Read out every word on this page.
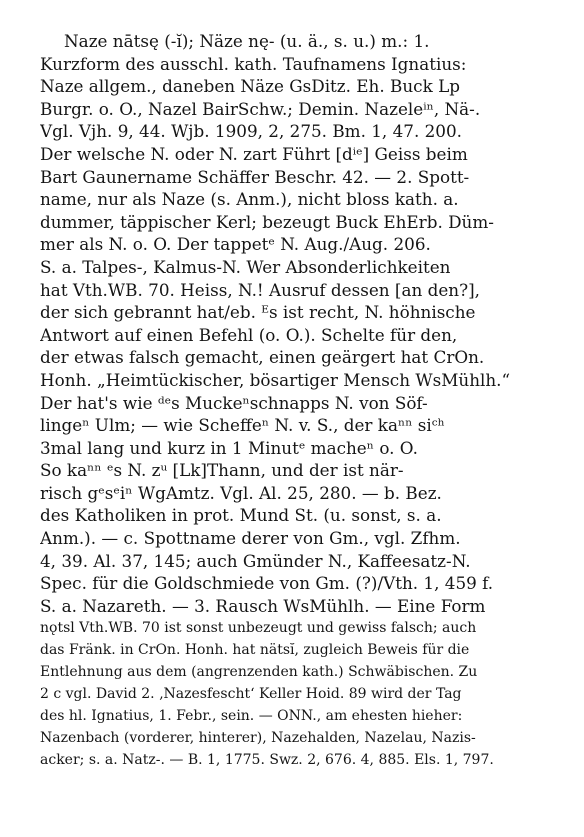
Naze nātsę (-ĭ); Näze nę- (u. ä., s. u.) m.: 1.
Kurzform des ausschl. kath. Taufnamens Ignatius:
Naze allgem., daneben Näze GsDitz. Eh. Buck Lp
Burgr. o. O., Nazel BairSchw.; Demin. Nazeleⁱⁿ, Nä-.
Vgl. Vjh. 9, 44. Wjb. 1909, 2, 275. Bm. 1, 47. 200.
Der welsche N. oder N. zart Führt [dⁱᵉ] Geiss beim
Bart Gaunername Schäffer Beschr. 42. — 2. Spott-
name, nur als Naze (s. Anm.), nicht bloss kath. a.
dummer, täppischer Kerl; bezeugt Buck EhErb. Düm-
mer als N. o. O. Der tappetᵉ N. Aug./Aug. 206.
S. a. Talpes-, Kalmus-N. Wer Absonderlichkeiten
hat Vth.WB. 70. Heiss, N.! Ausruf dessen [an den?],
der sich gebrannt hat/eb. ᴱs ist recht, N. höhnische
Antwort auf einen Befehl (o. O.). Schelte für den,
der etwas falsch gemacht, einen geärgert hat CrOn.
Honh. „Heimtückischer, bösartiger Mensch WsMühlh.“
Der hat's wie ᵈᵉs Muckeⁿschnapps N. von Söf-
lingeⁿ Ulm; — wie Scheffeⁿ N. v. S., der kaⁿⁿ siᶜʰ
3mal lang und kurz in 1 Minutᵉ macheⁿ o. O.
So kaⁿⁿ ᵉs N. zᵘ [Lk]Thann, und der ist när-
risch gᵉsᵉiⁿ WgAmtz. Vgl. Al. 25, 280. — b. Bez.
des Katholiken in prot. Mund St. (u. sonst, s. a.
Anm.). — c. Spottname derer von Gm., vgl. Zfhm.
4, 39. Al. 37, 145; auch Gmünder N., Kaffeesatz-N.
Spec. für die Goldschmiede von Gm. (?)/Vth. 1, 459 f.
S. a. Nazareth. — 3. Rausch WsMühlh. — Eine Form
nǫtsl Vth.WB. 70 ist sonst unbezeugt und gewiss falsch; auch
das Fränk. in CrOn. Honh. hat nätsĭ, zugleich Beweis für die
Entlehnung aus dem (angrenzenden kath.) Schwäbischen. Zu
2 c vgl. David 2. ‚Nazesfescht‘ Keller Hoid. 89 wird der Tag
des hl. Ignatius, 1. Febr., sein. — ONN., am ehesten hieher:
Nazenbach (vorderer, hinterer), Nazehalden, Nazelau, Nazis-
acker; s. a. Natz-. — B. 1, 1775. Swz. 2, 676. 4, 885. Els. 1, 797.
